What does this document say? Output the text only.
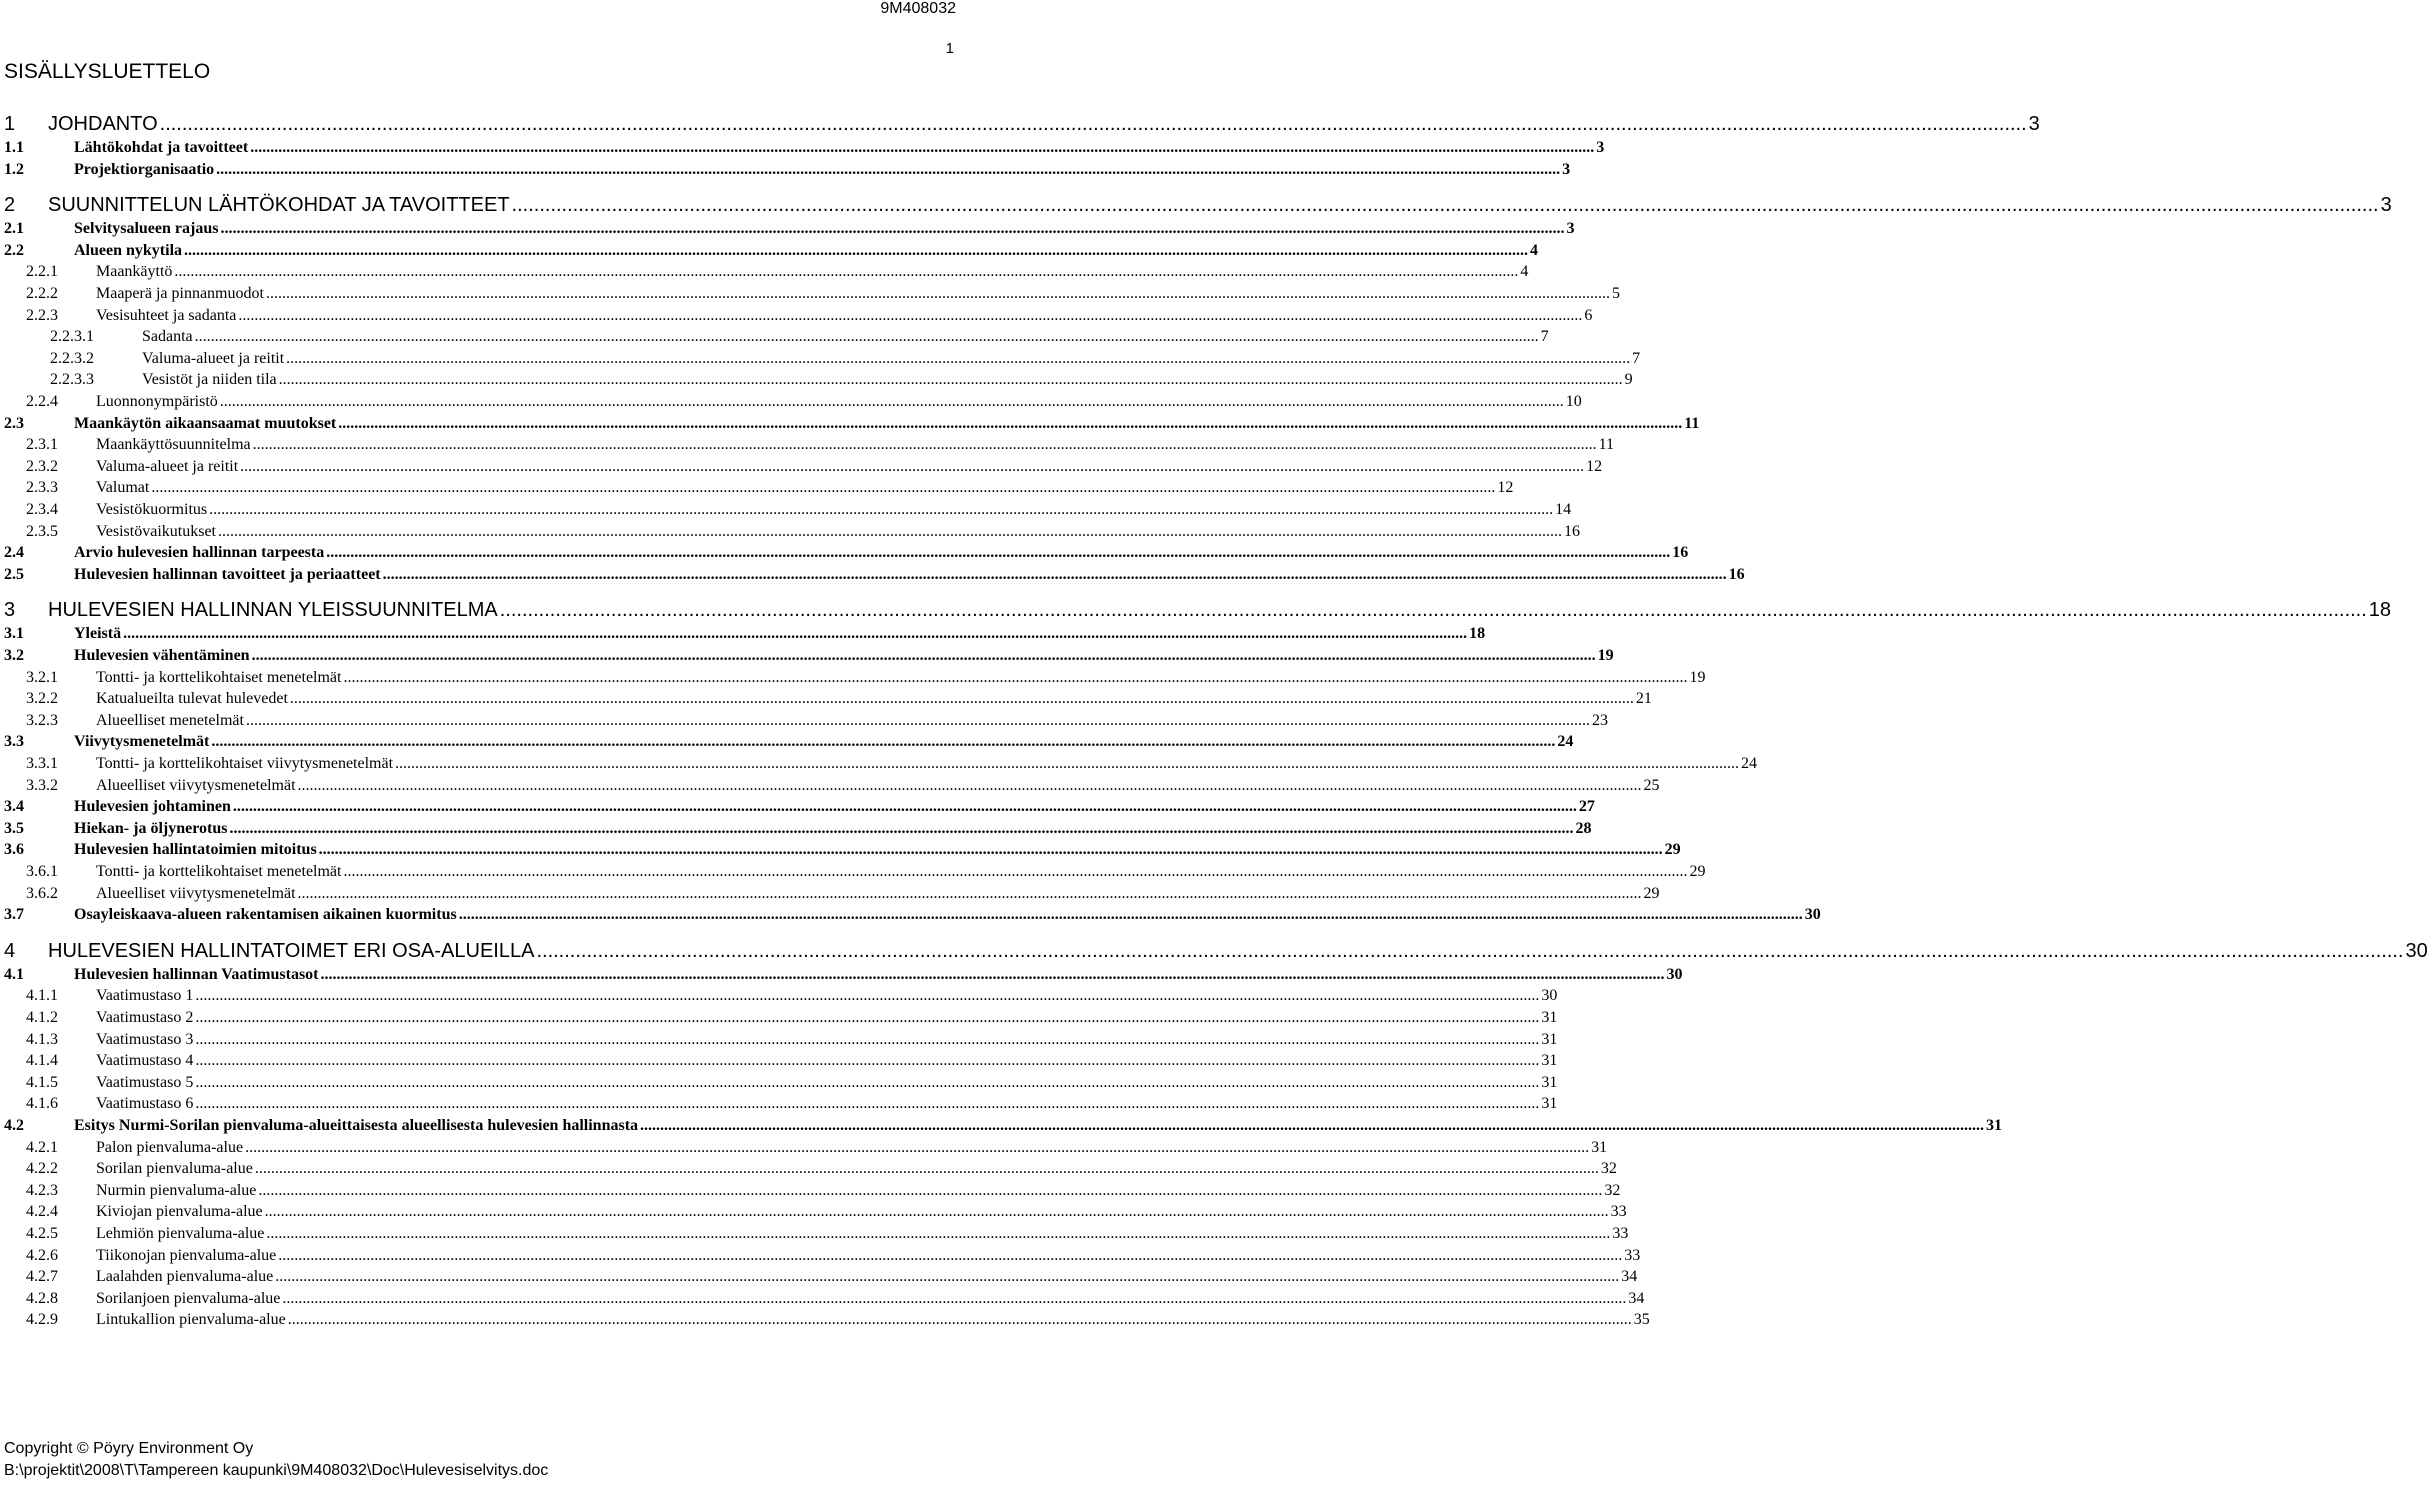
9M408032
1
SISÄLLYSLUETTELO
1	JOHDANTO .....	3
1.1	Lähtökohdat ja tavoitteet .....	3
1.2	Projektiorganisaatio .....	3
2	SUUNNITTELUN LÄHTÖKOHDAT JA TAVOITTEET .....	3
2.1	Selvitysalueen rajaus .....	3
2.2	Alueen nykytila .....	4
2.2.1	Maankäyttö .....	4
2.2.2	Maaperä ja pinnanmuodot .....	5
2.2.3	Vesisuhteet ja sadanta .....	6
2.2.3.1	Sadanta .....	7
2.2.3.2	Valuma-alueet ja reitit .....	7
2.2.3.3	Vesistöt ja niiden tila .....	9
2.2.4	Luonnonympäristö .....	10
2.3	Maankäytön aikaansaamat muutokset .....	11
2.3.1	Maankäyttösuunnitelma .....	11
2.3.2	Valuma-alueet ja reitit .....	12
2.3.3	Valumat .....	12
2.3.4	Vesistökuormitus .....	14
2.3.5	Vesistövaikutukset .....	16
2.4	Arvio hulevesien hallinnan tarpeesta .....	16
2.5	Hulevesien hallinnan tavoitteet ja periaatteet .....	16
3	HULEVESIEN HALLINNAN YLEISSUUNNITELMA .....	18
3.1	Yleistä .....	18
3.2	Hulevesien vähentäminen .....	19
3.2.1	Tontti- ja korttelikohtaiset menetelmät .....	19
3.2.2	Katualueilta tulevat hulevedet .....	21
3.2.3	Alueelliset menetelmät .....	23
3.3	Viivytysmenetelmät .....	24
3.3.1	Tontti- ja korttelikohtaiset viivytysmenetelmät .....	24
3.3.2	Alueelliset viivytysmenetelmät .....	25
3.4	Hulevesien johtaminen .....	27
3.5	Hiekan- ja öljynerotus .....	28
3.6	Hulevesien hallintatoimien mitoitus .....	29
3.6.1	Tontti- ja korttelikohtaiset menetelmät .....	29
3.6.2	Alueelliset viivytysmenetelmät .....	29
3.7	Osayleiskaava-alueen rakentamisen aikainen kuormitus .....	30
4	HULEVESIEN HALLINTATOIMET ERI OSA-ALUEILLA .....	30
4.1	Hulevesien hallinnan Vaatimustasot .....	30
4.1.1	Vaatimustaso 1 .....	30
4.1.2	Vaatimustaso 2 .....	31
4.1.3	Vaatimustaso 3 .....	31
4.1.4	Vaatimustaso 4 .....	31
4.1.5	Vaatimustaso 5 .....	31
4.1.6	Vaatimustaso 6 .....	31
4.2	Esitys Nurmi-Sorilan pienvaluma-alueittaisesta alueellisesta hulevesien hallinnasta .....	31
4.2.1	Palon pienvaluma-alue .....	31
4.2.2	Sorilan pienvaluma-alue .....	32
4.2.3	Nurmin pienvaluma-alue .....	32
4.2.4	Kiviojan pienvaluma-alue .....	33
4.2.5	Lehmiön pienvaluma-alue .....	33
4.2.6	Tiikonojan pienvaluma-alue .....	33
4.2.7	Laalahden pienvaluma-alue .....	34
4.2.8	Sorilanjoen pienvaluma-alue .....	34
4.2.9	Lintukallion pienvaluma-alue .....	35
Copyright © Pöyry Environment Oy
B:\projektit\2008\T\Tampereen kaupunki\9M408032\Doc\Hulevesiselvitys.doc
